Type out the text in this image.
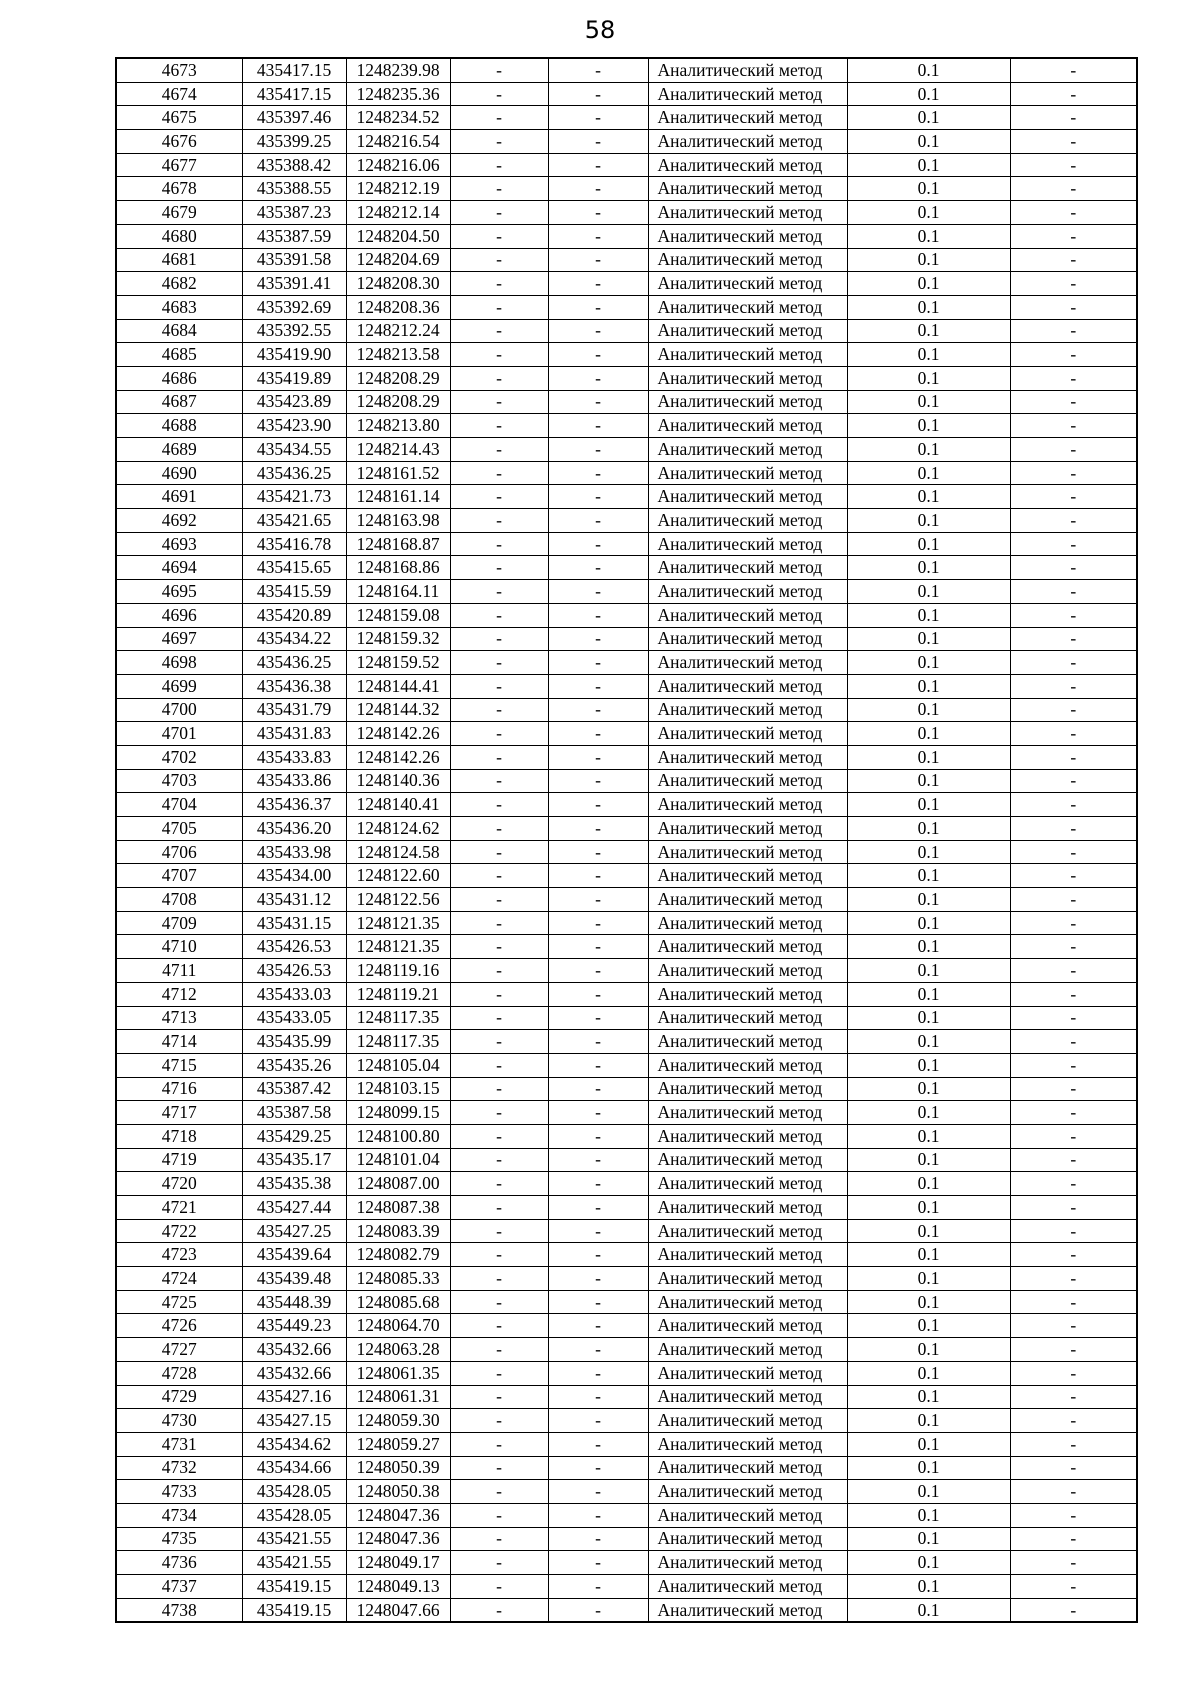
58
4673	435417.15	1248239.98	-	-	Аналитический метод	0.1	-
4674	435417.15	1248235.36	-	-	Аналитический метод	0.1	-
4675	435397.46	1248234.52	-	-	Аналитический метод	0.1	-
4676	435399.25	1248216.54	-	-	Аналитический метод	0.1	-
4677	435388.42	1248216.06	-	-	Аналитический метод	0.1	-
4678	435388.55	1248212.19	-	-	Аналитический метод	0.1	-
4679	435387.23	1248212.14	-	-	Аналитический метод	0.1	-
4680	435387.59	1248204.50	-	-	Аналитический метод	0.1	-
4681	435391.58	1248204.69	-	-	Аналитический метод	0.1	-
4682	435391.41	1248208.30	-	-	Аналитический метод	0.1	-
4683	435392.69	1248208.36	-	-	Аналитический метод	0.1	-
4684	435392.55	1248212.24	-	-	Аналитический метод	0.1	-
4685	435419.90	1248213.58	-	-	Аналитический метод	0.1	-
4686	435419.89	1248208.29	-	-	Аналитический метод	0.1	-
4687	435423.89	1248208.29	-	-	Аналитический метод	0.1	-
4688	435423.90	1248213.80	-	-	Аналитический метод	0.1	-
4689	435434.55	1248214.43	-	-	Аналитический метод	0.1	-
4690	435436.25	1248161.52	-	-	Аналитический метод	0.1	-
4691	435421.73	1248161.14	-	-	Аналитический метод	0.1	-
4692	435421.65	1248163.98	-	-	Аналитический метод	0.1	-
4693	435416.78	1248168.87	-	-	Аналитический метод	0.1	-
4694	435415.65	1248168.86	-	-	Аналитический метод	0.1	-
4695	435415.59	1248164.11	-	-	Аналитический метод	0.1	-
4696	435420.89	1248159.08	-	-	Аналитический метод	0.1	-
4697	435434.22	1248159.32	-	-	Аналитический метод	0.1	-
4698	435436.25	1248159.52	-	-	Аналитический метод	0.1	-
4699	435436.38	1248144.41	-	-	Аналитический метод	0.1	-
4700	435431.79	1248144.32	-	-	Аналитический метод	0.1	-
4701	435431.83	1248142.26	-	-	Аналитический метод	0.1	-
4702	435433.83	1248142.26	-	-	Аналитический метод	0.1	-
4703	435433.86	1248140.36	-	-	Аналитический метод	0.1	-
4704	435436.37	1248140.41	-	-	Аналитический метод	0.1	-
4705	435436.20	1248124.62	-	-	Аналитический метод	0.1	-
4706	435433.98	1248124.58	-	-	Аналитический метод	0.1	-
4707	435434.00	1248122.60	-	-	Аналитический метод	0.1	-
4708	435431.12	1248122.56	-	-	Аналитический метод	0.1	-
4709	435431.15	1248121.35	-	-	Аналитический метод	0.1	-
4710	435426.53	1248121.35	-	-	Аналитический метод	0.1	-
4711	435426.53	1248119.16	-	-	Аналитический метод	0.1	-
4712	435433.03	1248119.21	-	-	Аналитический метод	0.1	-
4713	435433.05	1248117.35	-	-	Аналитический метод	0.1	-
4714	435435.99	1248117.35	-	-	Аналитический метод	0.1	-
4715	435435.26	1248105.04	-	-	Аналитический метод	0.1	-
4716	435387.42	1248103.15	-	-	Аналитический метод	0.1	-
4717	435387.58	1248099.15	-	-	Аналитический метод	0.1	-
4718	435429.25	1248100.80	-	-	Аналитический метод	0.1	-
4719	435435.17	1248101.04	-	-	Аналитический метод	0.1	-
4720	435435.38	1248087.00	-	-	Аналитический метод	0.1	-
4721	435427.44	1248087.38	-	-	Аналитический метод	0.1	-
4722	435427.25	1248083.39	-	-	Аналитический метод	0.1	-
4723	435439.64	1248082.79	-	-	Аналитический метод	0.1	-
4724	435439.48	1248085.33	-	-	Аналитический метод	0.1	-
4725	435448.39	1248085.68	-	-	Аналитический метод	0.1	-
4726	435449.23	1248064.70	-	-	Аналитический метод	0.1	-
4727	435432.66	1248063.28	-	-	Аналитический метод	0.1	-
4728	435432.66	1248061.35	-	-	Аналитический метод	0.1	-
4729	435427.16	1248061.31	-	-	Аналитический метод	0.1	-
4730	435427.15	1248059.30	-	-	Аналитический метод	0.1	-
4731	435434.62	1248059.27	-	-	Аналитический метод	0.1	-
4732	435434.66	1248050.39	-	-	Аналитический метод	0.1	-
4733	435428.05	1248050.38	-	-	Аналитический метод	0.1	-
4734	435428.05	1248047.36	-	-	Аналитический метод	0.1	-
4735	435421.55	1248047.36	-	-	Аналитический метод	0.1	-
4736	435421.55	1248049.17	-	-	Аналитический метод	0.1	-
4737	435419.15	1248049.13	-	-	Аналитический метод	0.1	-
4738	435419.15	1248047.66	-	-	Аналитический метод	0.1	-
